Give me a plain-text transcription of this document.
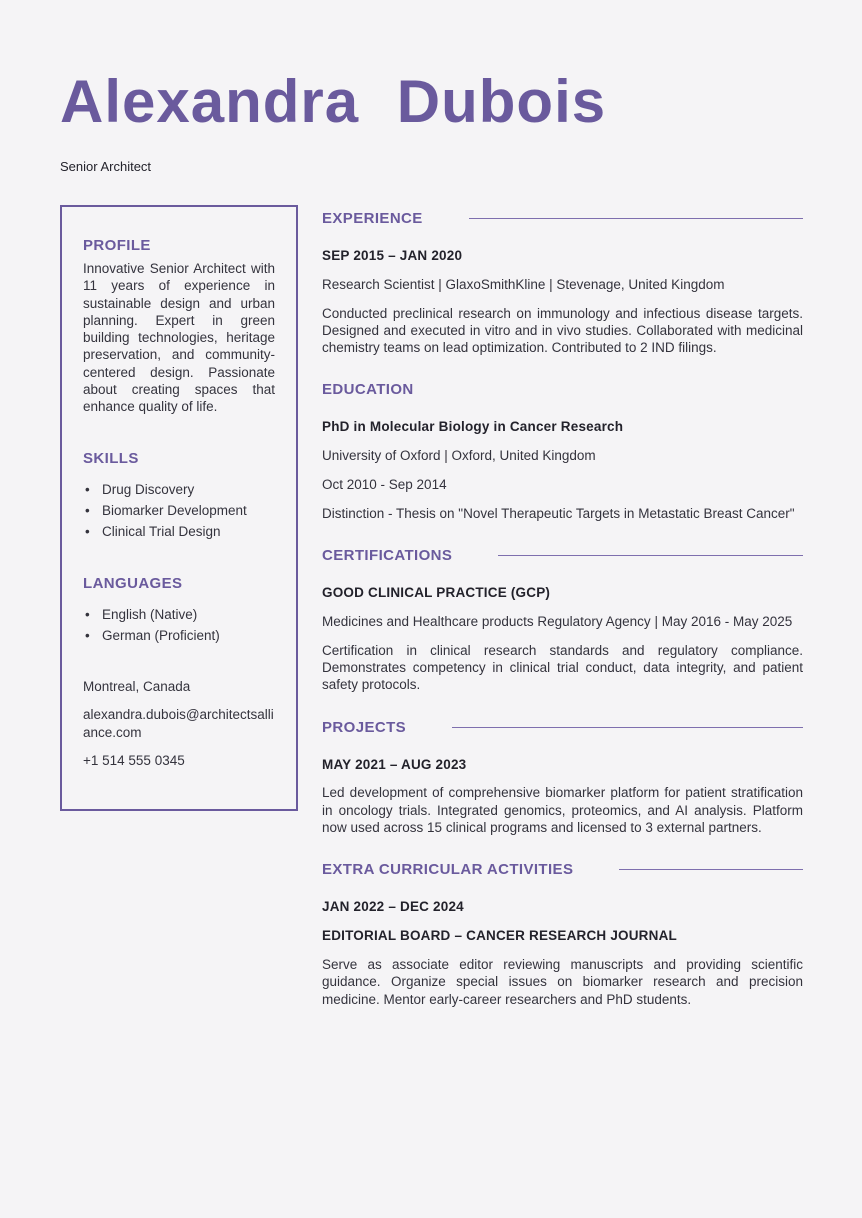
Alexandra Dubois
Senior Architect
PROFILE

Innovative Senior Architect with 11 years of experience in sustainable design and urban planning. Expert in green building technologies, heritage preservation, and community-centered design. Passionate about creating spaces that enhance quality of life.

SKILLS
• Drug Discovery
• Biomarker Development
• Clinical Trial Design
LANGUAGES
• English (Native)
• German (Proficient)

Montreal, Canada

alexandra.dubois@architectsalliance.com

+1 514 555 0345

EXPERIENCE

SEP 2015 – JAN 2020

Research Scientist | GlaxoSmithKline | Stevenage, United Kingdom

Conducted preclinical research on immunology and infectious disease targets. Designed and executed in vitro and in vivo studies. Collaborated with medicinal chemistry teams on lead optimization. Contributed to 2 IND filings.

EDUCATION

PhD in Molecular Biology in Cancer Research

University of Oxford | Oxford, United Kingdom

Oct 2010 - Sep 2014

Distinction - Thesis on "Novel Therapeutic Targets in Metastatic Breast Cancer"

CERTIFICATIONS

GOOD CLINICAL PRACTICE (GCP)

Medicines and Healthcare products Regulatory Agency | May 2016 - May 2025

Certification in clinical research standards and regulatory compliance. Demonstrates competency in clinical trial conduct, data integrity, and patient safety protocols.

PROJECTS

MAY 2021 – AUG 2023

Led development of comprehensive biomarker platform for patient stratification in oncology trials. Integrated genomics, proteomics, and AI analysis. Platform now used across 15 clinical programs and licensed to 3 external partners.

EXTRA CURRICULAR ACTIVITIES

JAN 2022 – DEC 2024

EDITORIAL BOARD – CANCER RESEARCH JOURNAL

Serve as associate editor reviewing manuscripts and providing scientific guidance. Organize special issues on biomarker research and precision medicine. Mentor early-career researchers and PhD students.
